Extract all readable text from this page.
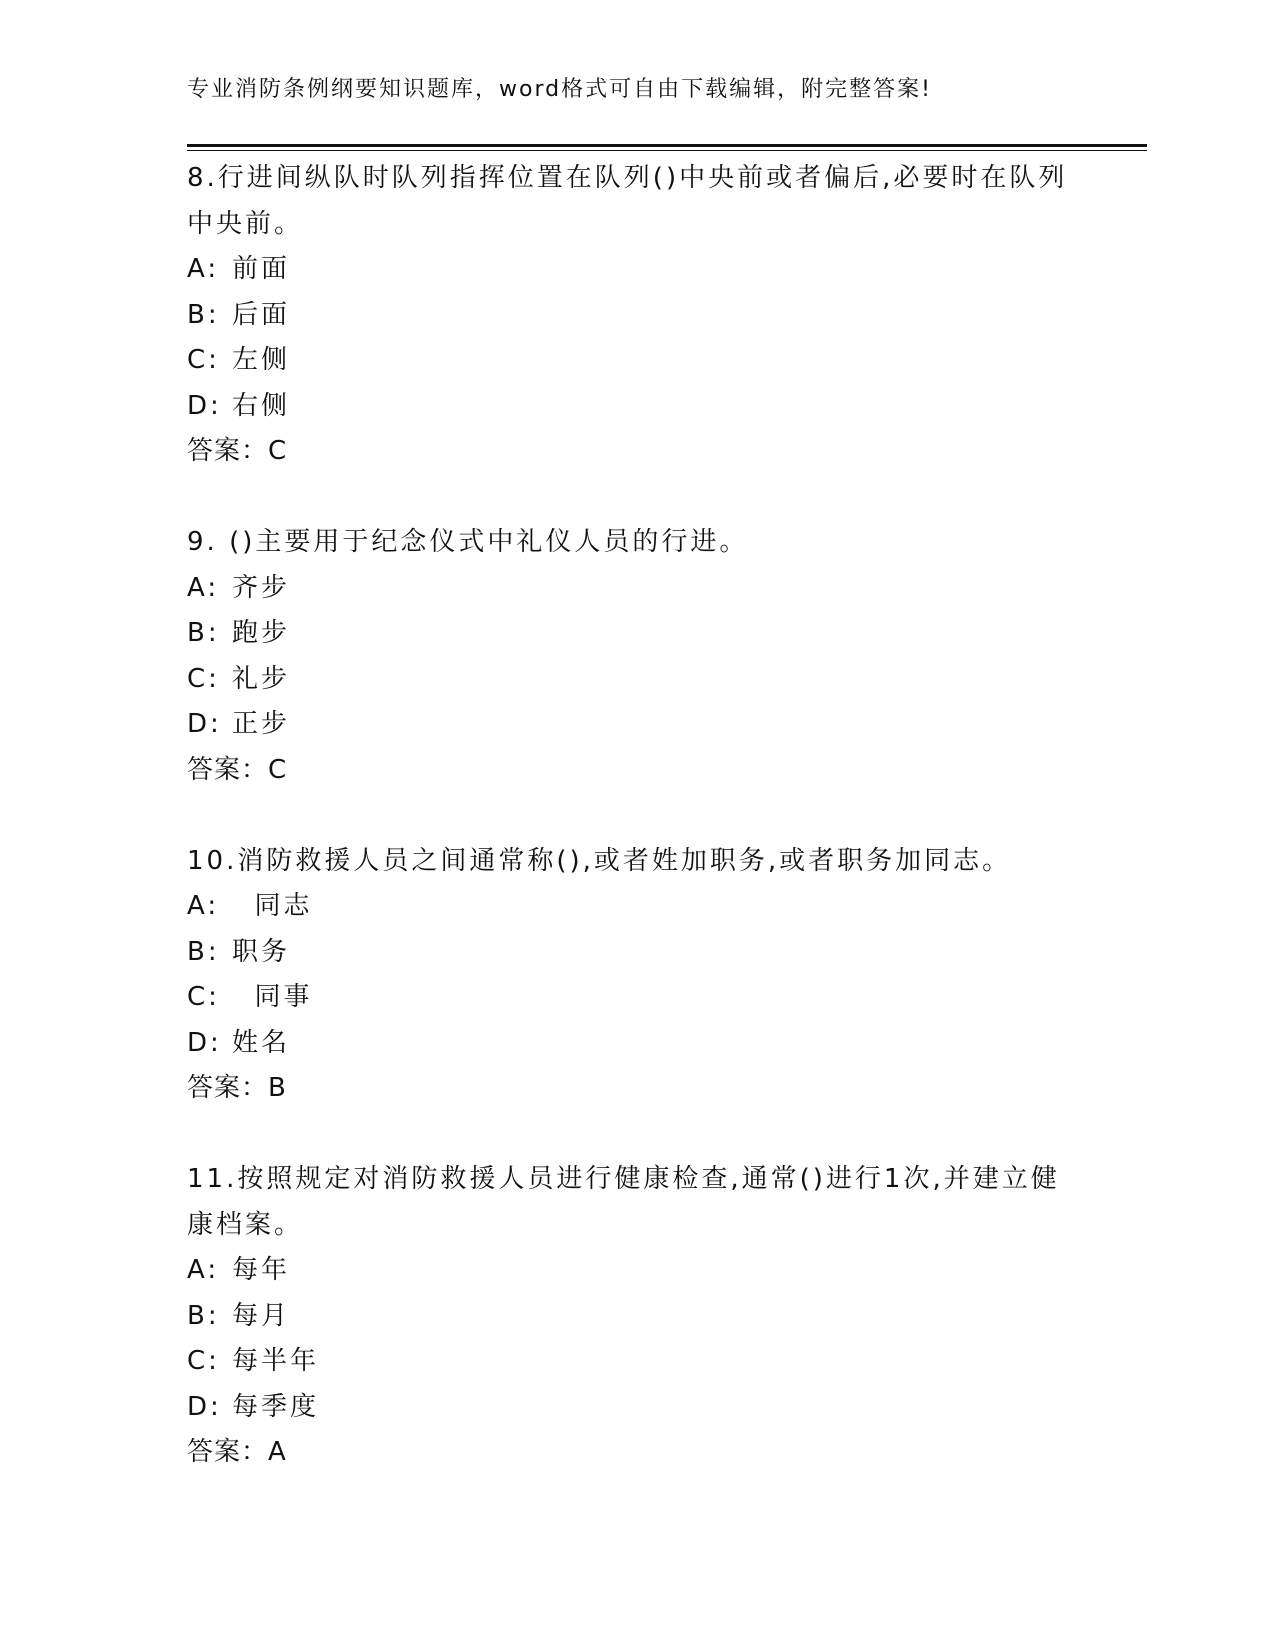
专业消防条例纲要知识题库，word格式可自由下载编辑，附完整答案!
8.行进间纵队时队列指挥位置在队列()中央前或者偏后,必要时在队列
中央前。
A: 前面
B: 后面
C: 左侧
D: 右侧
答案：C
9. ()主要用于纪念仪式中礼仪人员的行进。
A: 齐步
B: 跑步
C: 礼步
D: 正步
答案：C
10.消防救援人员之间通常称(),或者姓加职务,或者职务加同志。
A: 同志
B: 职务
C: 同事
D: 姓名
答案：B
11.按照规定对消防救援人员进行健康检查,通常()进行1次,并建立健
康档案。
A: 每年
B: 每月
C: 每半年
D: 每季度
答案：A
